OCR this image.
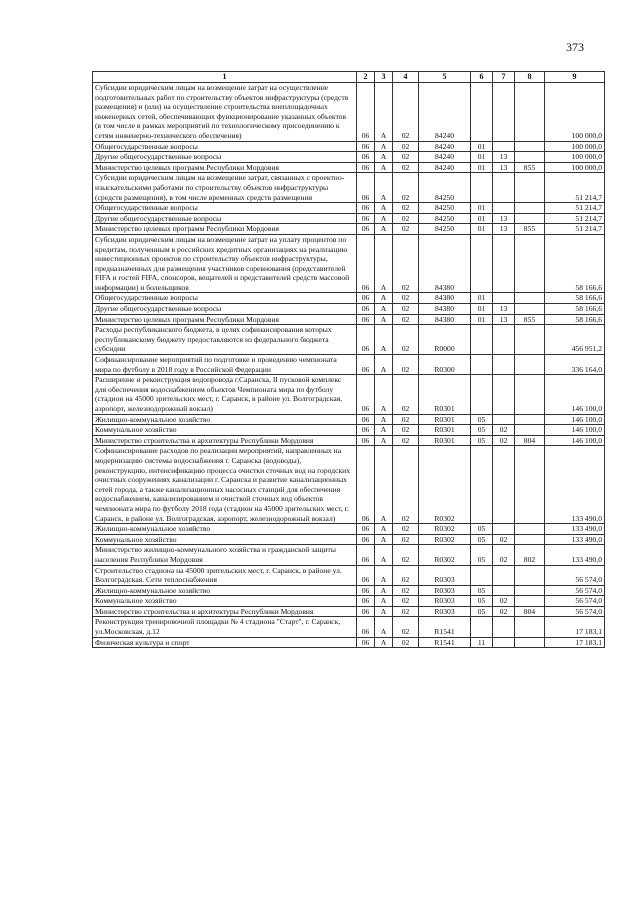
373
1	2	3	4	5	6	7	8	9
Субсидии юридическим лицам на возмещение затрат на осуществление подготовительных работ по строительству объектов инфраструктуры (средств размещения) и (или) на осуществление строительства внеплощадочных инженерных сетей, обеспечивающих функционирование указанных объектов (в том числе в рамках мероприятий по технологическому присоединению к сетям инженерно-технического обеспечения)	06	А	02	84240				100 000,0
Общегосударственные вопросы	06	А	02	84240	01			100 000,0
Другие общегосударственные вопросы	06	А	02	84240	01	13		100 000,0
Министерство целевых программ Республики Мордовия	06	А	02	84240	01	13	855	100 000,0
Субсидии юридическим лицам на возмещение затрат, связанных с проектно-изыскательскими работами по строительству объектов инфраструктуры (средств размещения), в том числе временных средств размещения	06	А	02	84250				51 214,7
Общегосударственные вопросы	06	А	02	84250	01			51 214,7
Другие общегосударственные вопросы	06	А	02	84250	01	13		51 214,7
Министерство целевых программ Республики Мордовия	06	А	02	84250	01	13	855	51 214,7
Субсидии юридическим лицам на возмещение затрат на уплату процентов по кредитам, полученным в российских кредитных организациях на реализацию инвестиционных проектов по строительству объектов инфраструктуры, предназначенных для размещения участников соревнования (представителей FIFA и гостей FIFA, спонсоров, вещателей и представителей средств массовой информации) и болельщиков	06	А	02	84380				58 166,6
Общегосударственные вопросы	06	А	02	84380	01			58 166,6
Другие общегосударственные вопросы	06	А	02	84380	01	13		58 166,6
Министерство целевых программ Республики Мордовия	06	А	02	84380	01	13	855	58 166,6
Расходы республиканского бюджета, в целях софинансирования которых республиканскому бюджету предоставляются из федерального бюджета субсидии	06	А	02	R0000				456 951,2
Софинансирование мероприятий по подготовке и проведению чемпионата мира по футболу в 2018 году в Российской Федерации	06	А	02	R0300				336 164,0
Расширение и реконструкция водопровода г.Саранска, II пусковой комплекс для обеспечения водоснабжением объектов Чемпионата мира по футболу (стадион на 45000 зрительских мест, г. Саранск, в районе ул. Волгоградская, аэропорт, железнодорожный вокзал)	06	А	02	R0301				146 100,0
Жилищно-коммунальное хозяйство	06	А	02	R0301	05			146 100,0
Коммунальное хозяйство	06	А	02	R0301	05	02		146 100,0
Министерство строительства и архитектуры Республики Мордовия	06	А	02	R0301	05	02	804	146 100,0
Софинансирование расходов по реализации мероприятий, направленных на модернизацию системы водоснабжения г. Саранска (водоводы), реконструкцию, интенсификацию процесса очистки сточных вод на городских очистных сооружениях канализации г. Саранска и развитие канализационных сетей города, а также канализационных насосных станций для обеспечения водоснабжением, канализированием и очисткой сточных вод объектов чемпионата мира по футболу 2018 года (стадион на 45000 зрительских мест, г. Саранск, в районе ул. Волгоградская, аэропорт, железнодорожный вокзал)	06	А	02	R0302				133 490,0
Жилищно-коммунальное хозяйство	06	А	02	R0302	05			133 490,0
Коммунальное хозяйство	06	А	02	R0302	05	02		133 490,0
Министерство жилищно-коммунального хозяйства и гражданской защиты населения Республики Мордовия	06	А	02	R0302	05	02	802	133 490,0
Строительство стадиона на 45000 зрительских мест, г. Саранск, в районе ул. Волгоградская. Сети теплоснабжения	06	А	02	R0303				56 574,0
Жилищно-коммунальное хозяйство	06	А	02	R0303	05			56 574,0
Коммунальное хозяйство	06	А	02	R0303	05	02		56 574,0
Министерство строительства и архитектуры Республики Мордовия	06	А	02	R0303	05	02	804	56 574,0
Реконструкция тренировочной площадки № 4 стадиона "Старт", г. Саранск, ул.Московская, д.12	06	А	02	R1541				17 183,1
Физическая культура и спорт	06	А	02	R1541	11			17 183,1
